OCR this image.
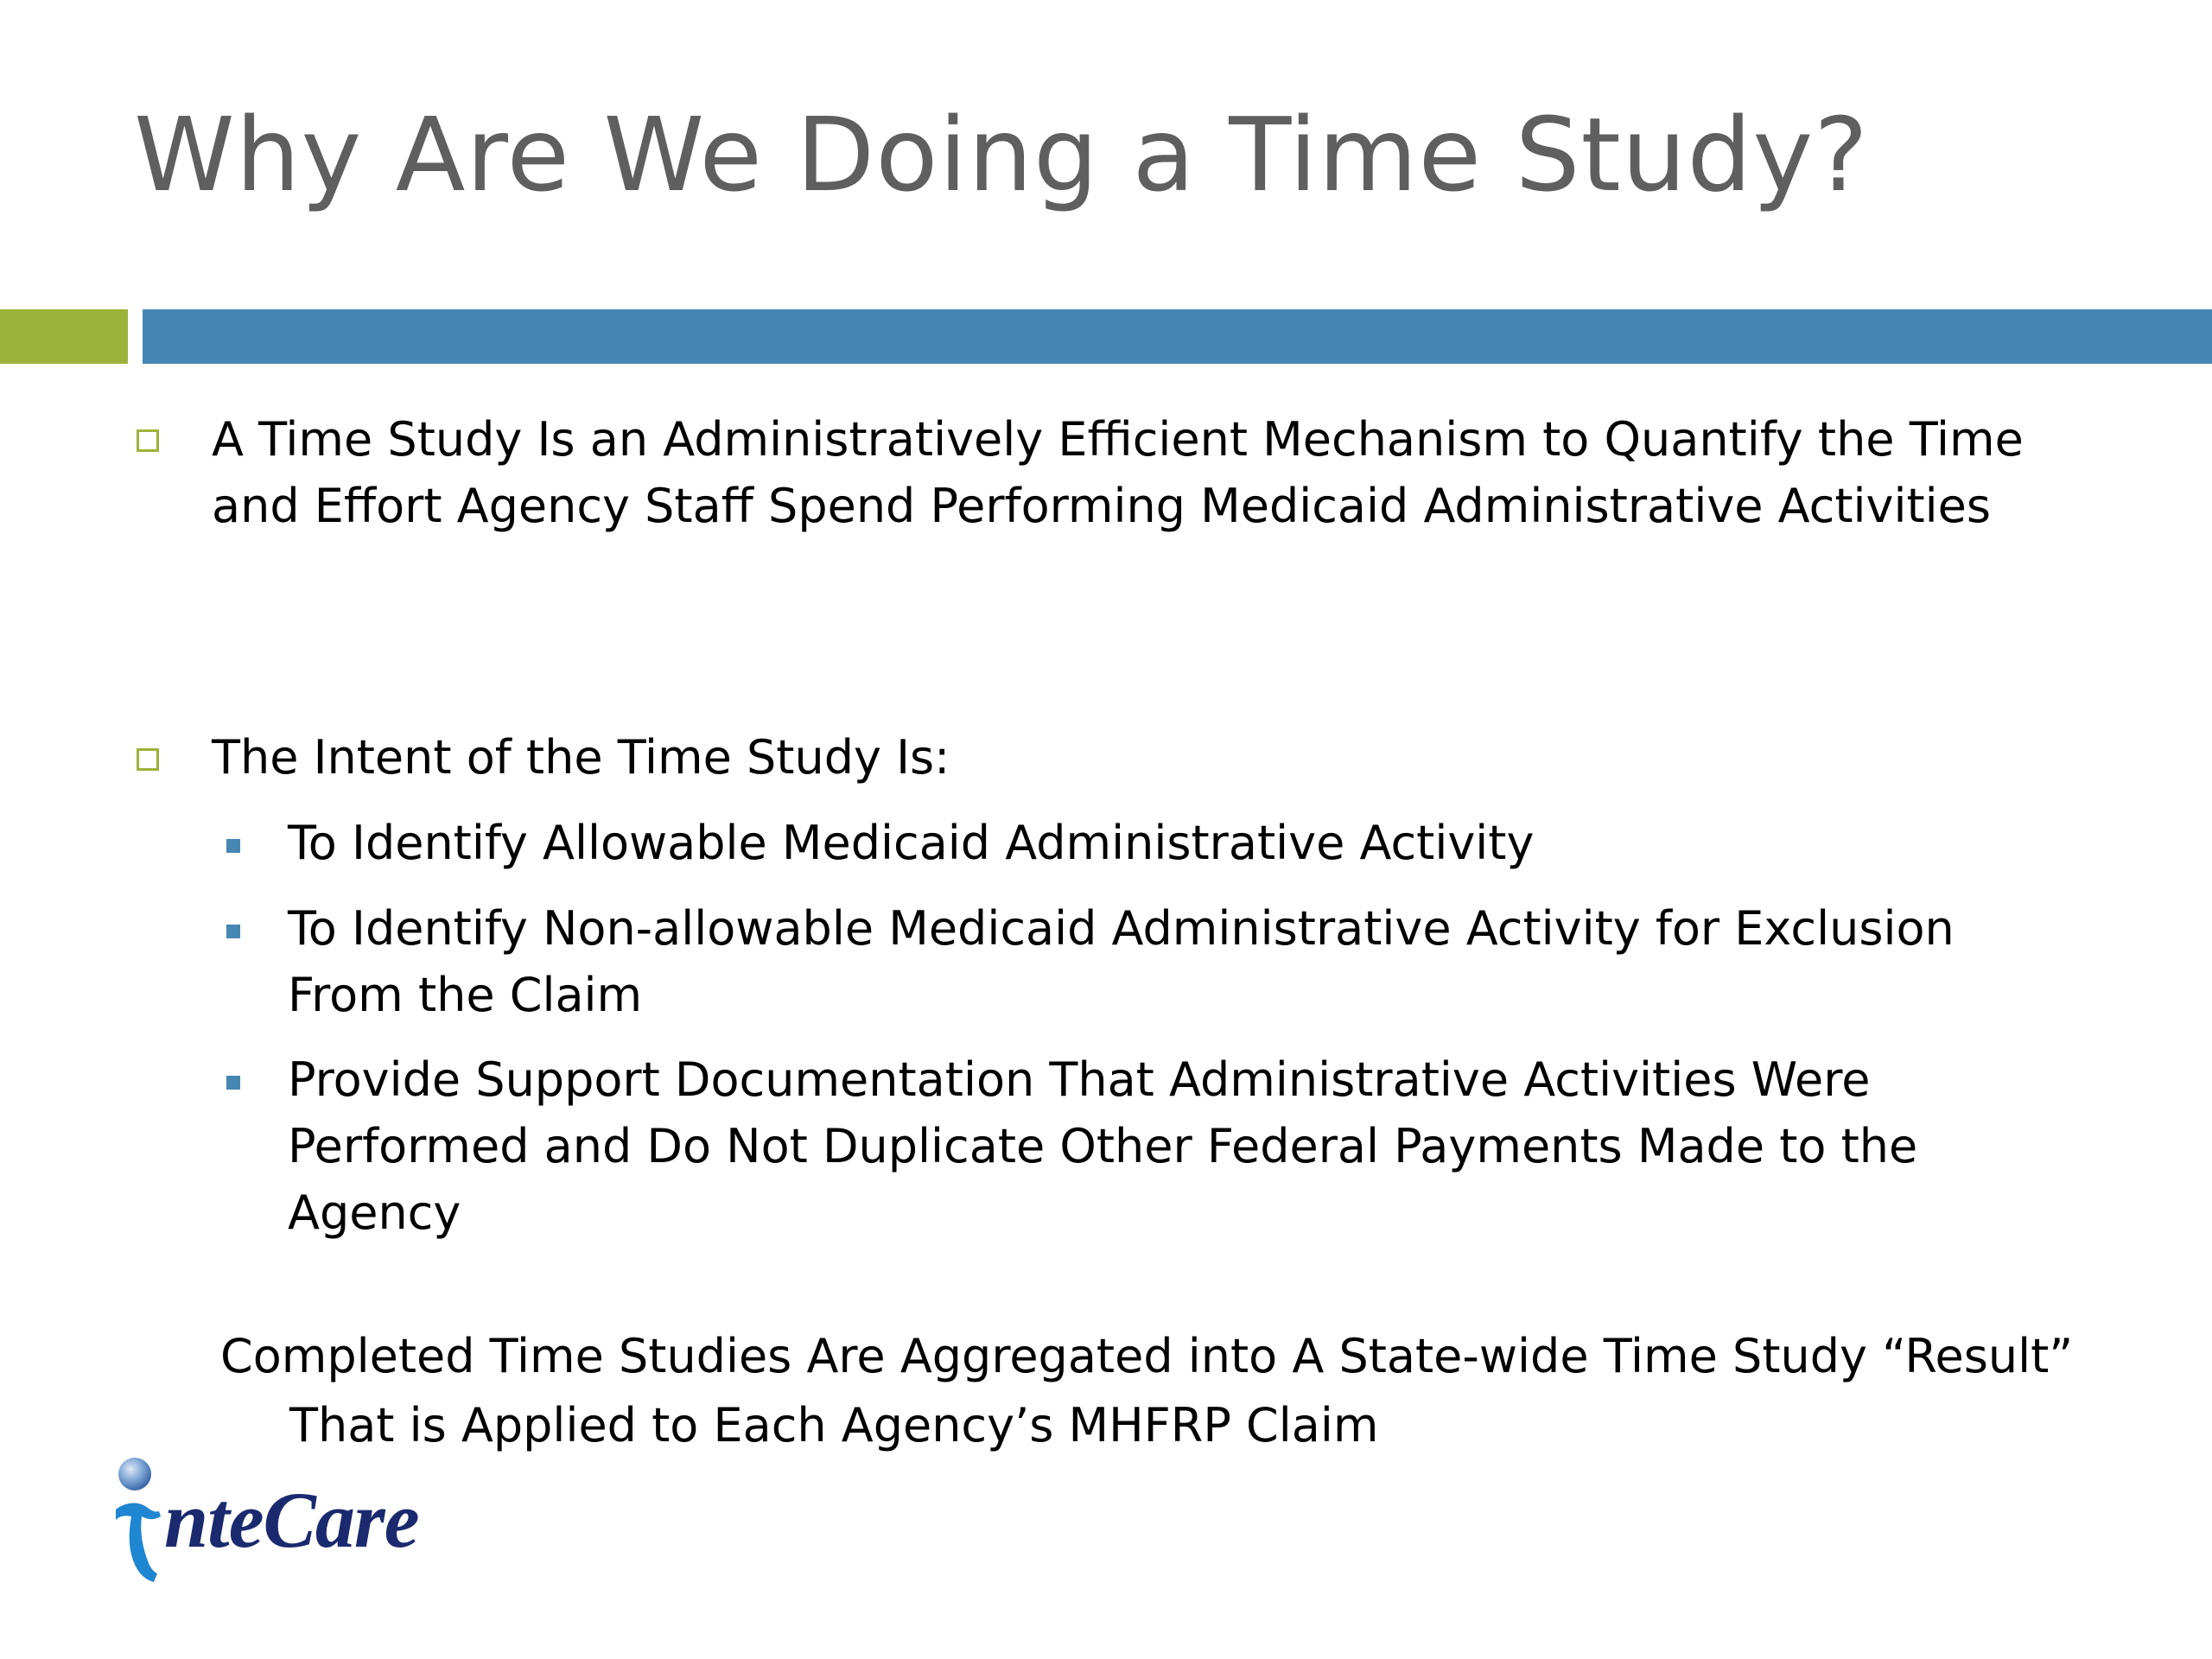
Why Are We Doing a Time Study?
A Time Study Is an Administratively Efficient Mechanism to Quantify the Time and Effort Agency Staff Spend Performing Medicaid Administrative Activities
The Intent of the Time Study Is:
To Identify Allowable Medicaid Administrative Activity
To Identify Non-allowable Medicaid Administrative Activity for Exclusion From the Claim
Provide Support Documentation That Administrative Activities Were Performed and Do Not Duplicate Other Federal Payments Made to the Agency
Completed Time Studies Are Aggregated into A State-wide Time Study “Result” That is Applied to Each Agency’s MHFRP Claim
nteCare
